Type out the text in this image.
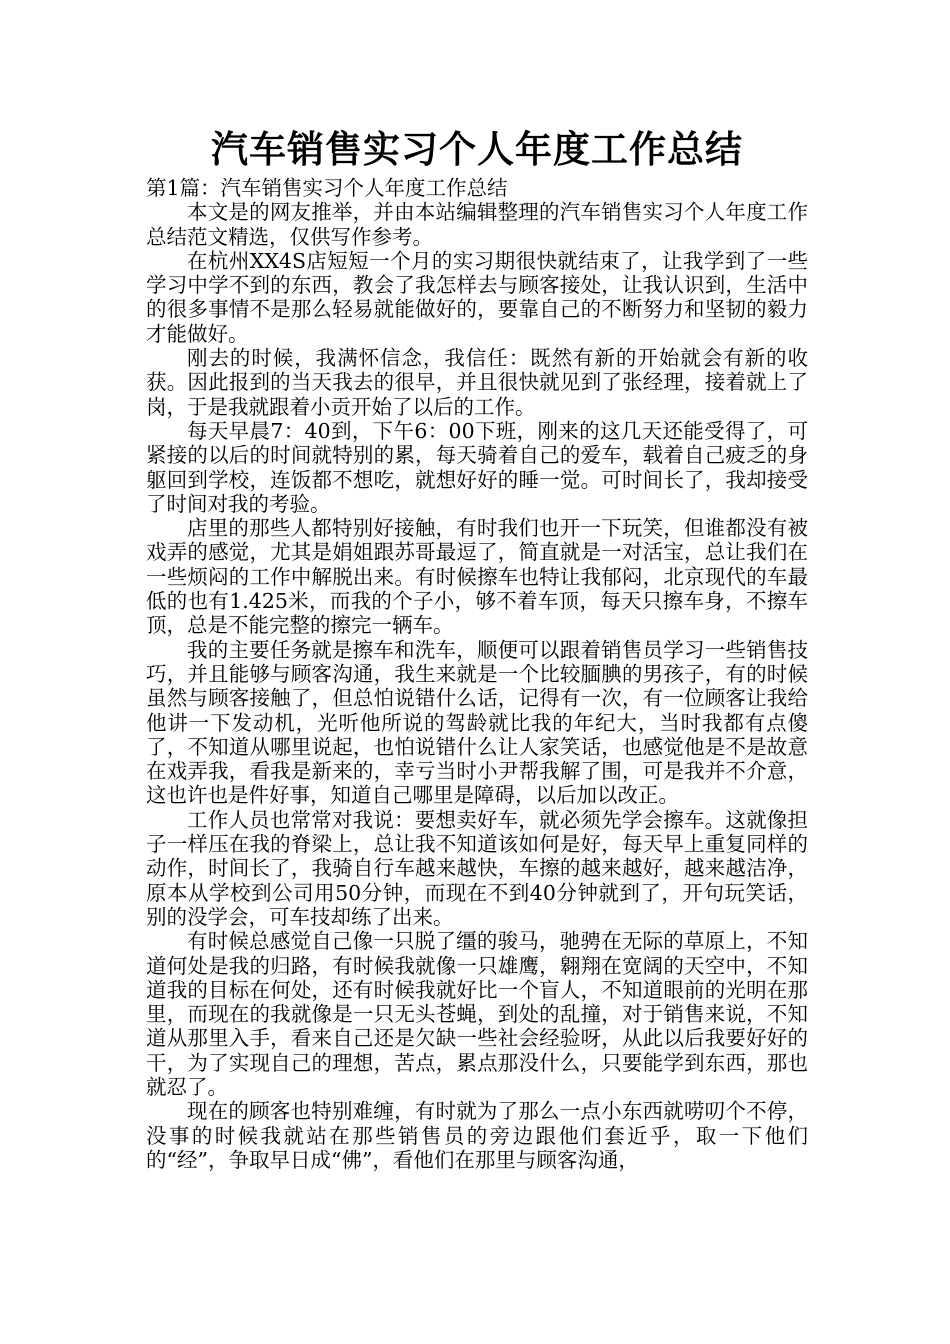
汽车销售实习个人年度工作总结

第1篇：汽车销售实习个人年度工作总结

本文是的网友推举，并由本站编辑整理的汽车销售实习个人年度工作总结范文精选，仅供写作参考。

在杭州XX4S店短短一个月的实习期很快就结束了，让我学到了一些学习中学不到的东西，教会了我怎样去与顾客接处，让我认识到，生活中的很多事情不是那么轻易就能做好的，要靠自己的不断努力和坚韧的毅力才能做好。

刚去的时候，我满怀信念，我信任：既然有新的开始就会有新的收获。因此报到的当天我去的很早，并且很快就见到了张经理，接着就上了岗，于是我就跟着小贡开始了以后的工作。

每天早晨7：40到，下午6：00下班，刚来的这几天还能受得了，可紧接的以后的时间就特别的累，每天骑着自己的爱车，载着自己疲乏的身躯回到学校，连饭都不想吃，就想好好的睡一觉。可时间长了，我却接受了时间对我的考验。

店里的那些人都特别好接触，有时我们也开一下玩笑，但谁都没有被戏弄的感觉，尤其是娟姐跟苏哥最逗了，简直就是一对活宝，总让我们在一些烦闷的工作中解脱出来。有时候擦车也特让我郁闷，北京现代的车最低的也有1.425米，而我的个子小，够不着车顶，每天只擦车身，不擦车顶，总是不能完整的擦完一辆车。

我的主要任务就是擦车和洗车，顺便可以跟着销售员学习一些销售技巧，并且能够与顾客沟通，我生来就是一个比较腼腆的男孩子，有的时候虽然与顾客接触了，但总怕说错什么话，记得有一次，有一位顾客让我给他讲一下发动机，光听他所说的驾龄就比我的年纪大，当时我都有点傻了，不知道从哪里说起，也怕说错什么让人家笑话，也感觉他是不是故意在戏弄我，看我是新来的，幸亏当时小尹帮我解了围，可是我并不介意，这也许也是件好事，知道自己哪里是障碍，以后加以改正。

工作人员也常常对我说：要想卖好车，就必须先学会擦车。这就像担子一样压在我的脊梁上，总让我不知道该如何是好，每天早上重复同样的动作，时间长了，我骑自行车越来越快，车擦的越来越好，越来越洁净，原本从学校到公司用50分钟，而现在不到40分钟就到了，开句玩笑话，别的没学会，可车技却练了出来。

有时候总感觉自己像一只脱了缰的骏马，驰骋在无际的草原上，不知道何处是我的归路，有时候我就像一只雄鹰，翱翔在宽阔的天空中，不知道我的目标在何处，还有时候我就好比一个盲人，不知道眼前的光明在那里，而现在的我就像是一只无头苍蝇，到处的乱撞，对于销售来说，不知道从那里入手，看来自己还是欠缺一些社会经验呀，从此以后我要好好的干，为了实现自己的理想，苦点，累点那没什么，只要能学到东西，那也就忍了。

现在的顾客也特别难缠，有时就为了那么一点小东西就唠叨个不停，没事的时候我就站在那些销售员的旁边跟他们套近乎，取一下他们的“经”，争取早日成“佛”，看他们在那里与顾客沟通，
